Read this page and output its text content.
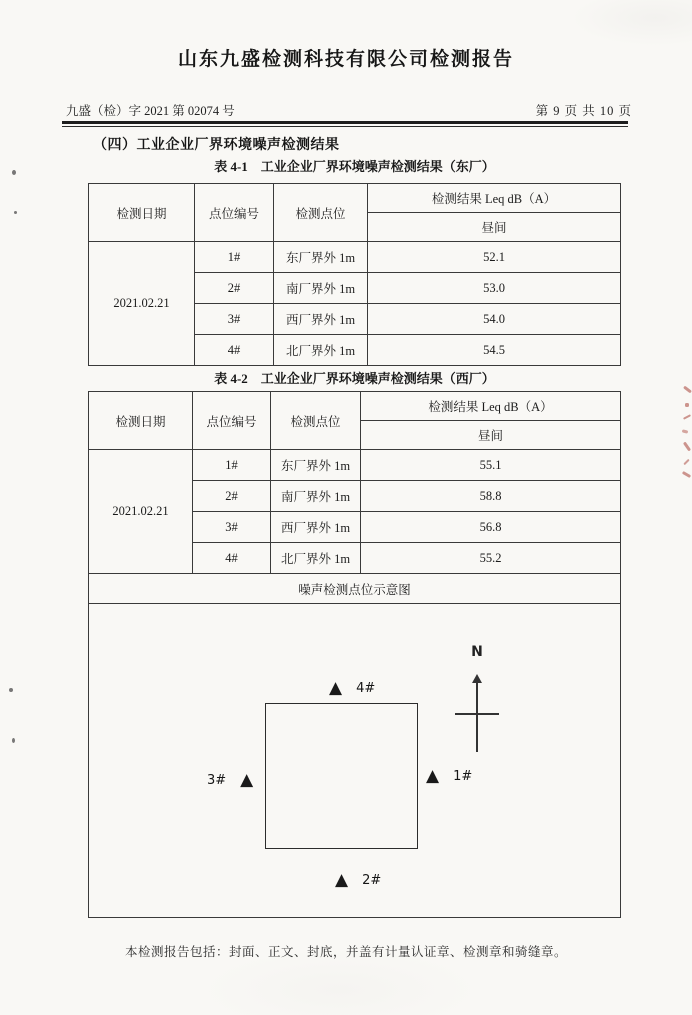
山东九盛检测科技有限公司检测报告
九盛（检）字 2021 第 02074 号	第 9 页 共 10 页
（四）工业企业厂界环境噪声检测结果
表 4-1　工业企业厂界环境噪声检测结果（东厂）
检测日期	点位编号	检测点位	检测结果 Leq dB（A）
			昼间
2021.02.21	1#	东厂界外 1m	52.1
	2#	南厂界外 1m	53.0
	3#	西厂界外 1m	54.0
	4#	北厂界外 1m	54.5
表 4-2　工业企业厂界环境噪声检测结果（西厂）
检测日期	点位编号	检测点位	检测结果 Leq dB（A）
			昼间
2021.02.21	1#	东厂界外 1m	55.1
	2#	南厂界外 1m	58.8
	3#	西厂界外 1m	56.8
	4#	北厂界外 1m	55.2
噪声检测点位示意图			

▲ 4#
3# ▲	▲ 1#
▲ 2#
N
本检测报告包括：封面、正文、封底，并盖有计量认证章、检测章和骑缝章。
